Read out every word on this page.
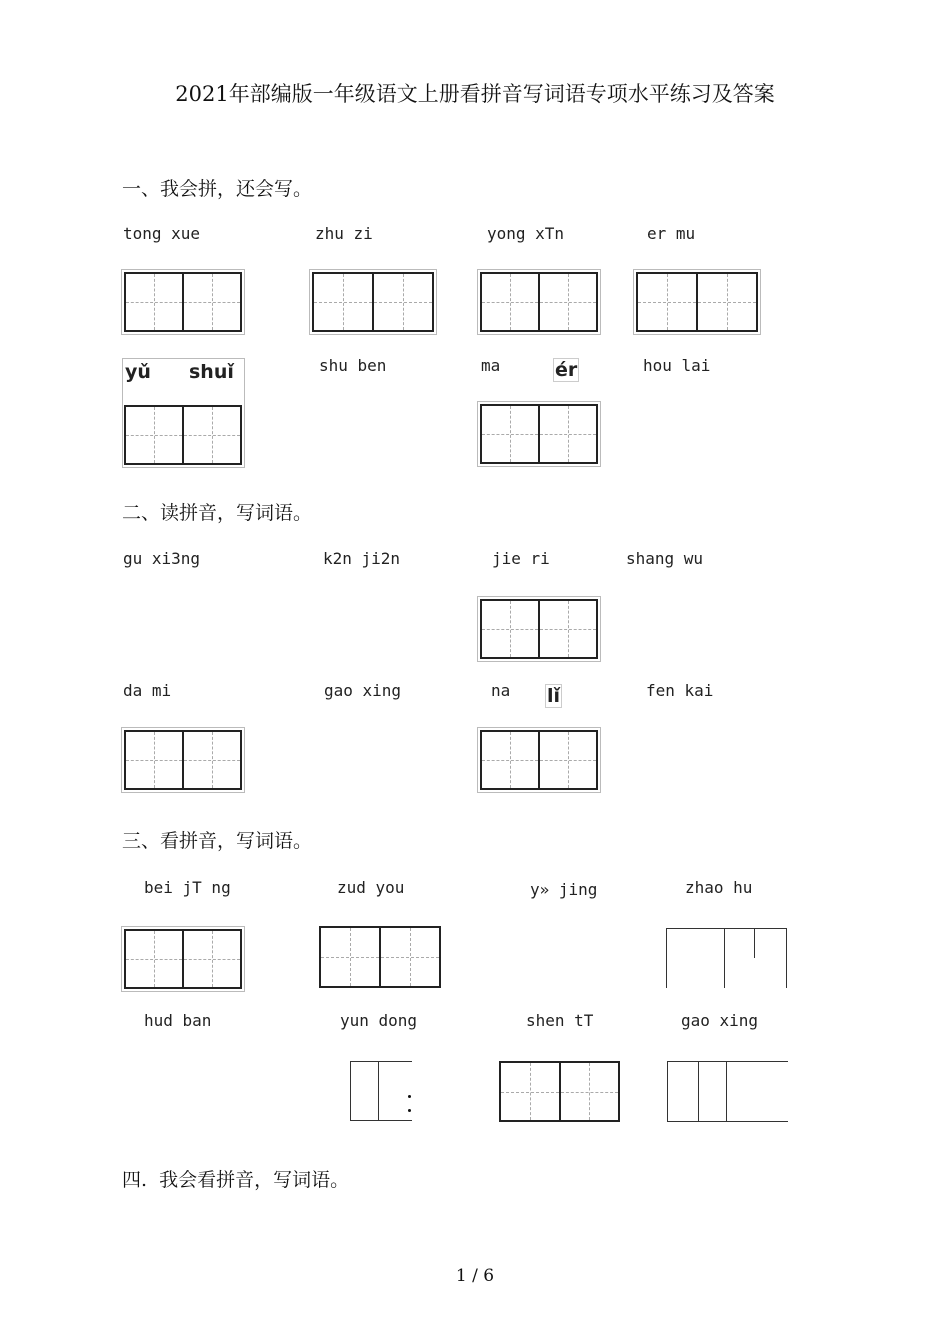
2021年部编版一年级语文上册看拼音写词语专项水平练习及答案
一、我会拼，还会写。
tong xue	zhu zi	yong xTn	er mu
yǔ shuǐ	shu ben	ma	ér	hou lai
二、读拼音，写词语。
gu xi3ng	k2n ji2n	jie ri	shang wu
da mi	gao xing	na lǐ	fen kai
三、看拼音，写词语。
bei jT ng	zud you	y» jing	zhao hu
hud ban	yun dong	shen tT	gao xing
四.  我会看拼音，写词语。
1 / 6
